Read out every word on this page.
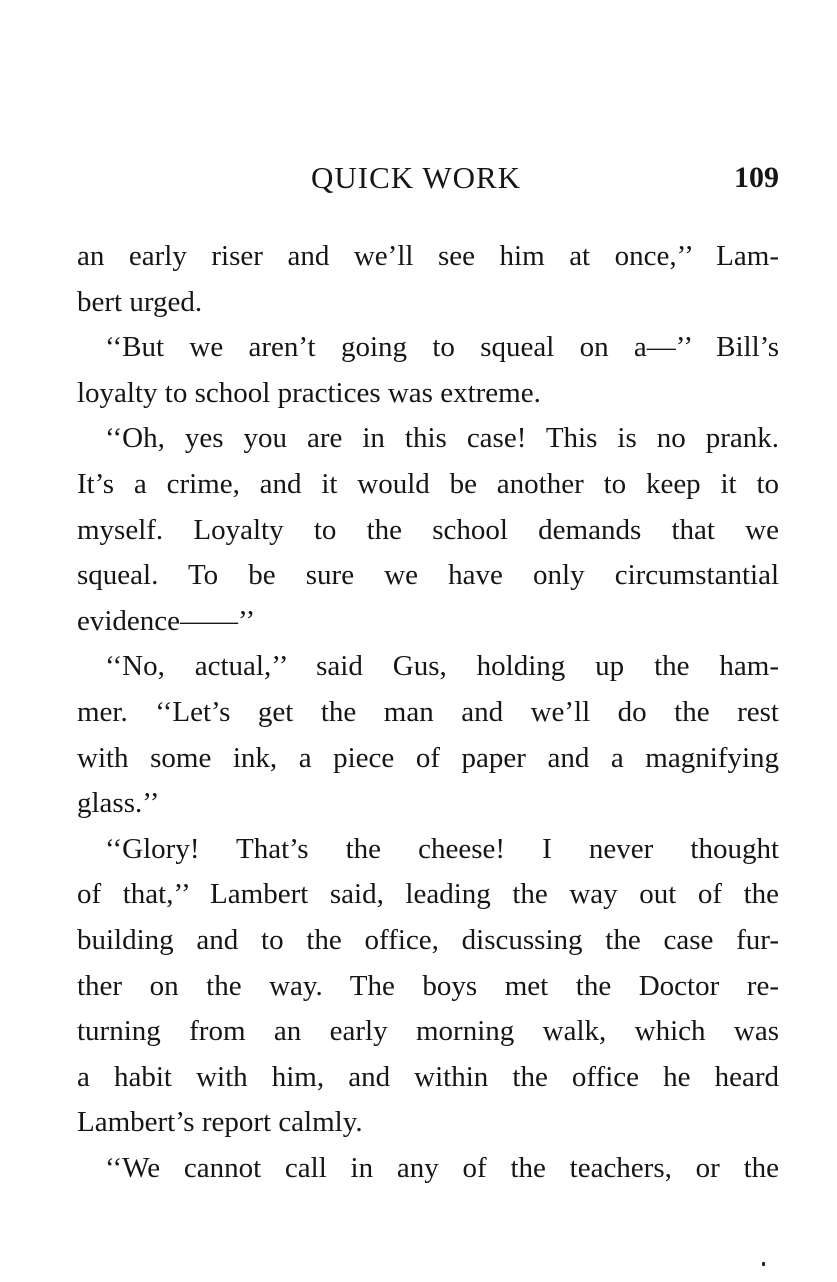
QUICK WORK	109
an early riser and we’ll see him at once,’’ Lam-
bert urged.
‘‘But we aren’t going to squeal on a—’’ Bill’s
loyalty to school practices was extreme.
‘‘Oh, yes you are in this case! This is no prank.
It’s a crime, and it would be another to keep it to
myself. Loyalty to the school demands that we
squeal. To be sure we have only circumstantial
evidence——’’
‘‘No, actual,’’ said Gus, holding up the ham-
mer. ‘‘Let’s get the man and we’ll do the rest
with some ink, a piece of paper and a magnifying
glass.’’
‘‘Glory! That’s the cheese! I never thought
of that,’’ Lambert said, leading the way out of the
building and to the office, discussing the case fur-
ther on the way. The boys met the Doctor re-
turning from an early morning walk, which was
a habit with him, and within the office he heard
Lambert’s report calmly.
‘‘We cannot call in any of the teachers, or the
